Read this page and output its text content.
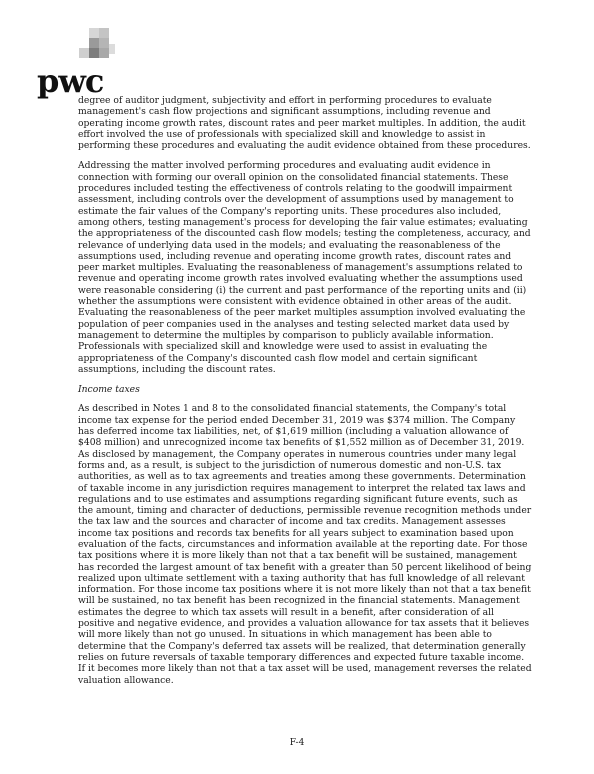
pwc

degree of auditor judgment, subjectivity and effort in performing procedures to evaluate management's cash flow projections and significant assumptions, including revenue and operating income growth rates, discount rates and peer market multiples. In addition, the audit effort involved the use of professionals with specialized skill and knowledge to assist in performing these procedures and evaluating the audit evidence obtained from these procedures.

Addressing the matter involved performing procedures and evaluating audit evidence in connection with forming our overall opinion on the consolidated financial statements. These procedures included testing the effectiveness of controls relating to the goodwill impairment assessment, including controls over the development of assumptions used by management to estimate the fair values of the Company's reporting units. These procedures also included, among others, testing management's process for developing the fair value estimates; evaluating the appropriateness of the discounted cash flow models; testing the completeness, accuracy, and relevance of underlying data used in the models; and evaluating the reasonableness of the assumptions used, including revenue and operating income growth rates, discount rates and peer market multiples. Evaluating the reasonableness of management's assumptions related to revenue and operating income growth rates involved evaluating whether the assumptions used were reasonable considering (i) the current and past performance of the reporting units and (ii) whether the assumptions were consistent with evidence obtained in other areas of the audit. Evaluating the reasonableness of the peer market multiples assumption involved evaluating the population of peer companies used in the analyses and testing selected market data used by management to determine the multiples by comparison to publicly available information. Professionals with specialized skill and knowledge were used to assist in evaluating the appropriateness of the Company's discounted cash flow model and certain significant assumptions, including the discount rates.

Income taxes

As described in Notes 1 and 8 to the consolidated financial statements, the Company's total income tax expense for the period ended December 31, 2019 was $374 million. The Company has deferred income tax liabilities, net, of $1,619 million (including a valuation allowance of $408 million) and unrecognized income tax benefits of $1,552 million as of December 31, 2019. As disclosed by management, the Company operates in numerous countries under many legal forms and, as a result, is subject to the jurisdiction of numerous domestic and non-U.S. tax authorities, as well as to tax agreements and treaties among these governments. Determination of taxable income in any jurisdiction requires management to interpret the related tax laws and regulations and to use estimates and assumptions regarding significant future events, such as the amount, timing and character of deductions, permissible revenue recognition methods under the tax law and the sources and character of income and tax credits. Management assesses income tax positions and records tax benefits for all years subject to examination based upon evaluation of the facts, circumstances and information available at the reporting date. For those tax positions where it is more likely than not that a tax benefit will be sustained, management has recorded the largest amount of tax benefit with a greater than 50 percent likelihood of being realized upon ultimate settlement with a taxing authority that has full knowledge of all relevant information. For those income tax positions where it is not more likely than not that a tax benefit will be sustained, no tax benefit has been recognized in the financial statements. Management estimates the degree to which tax assets will result in a benefit, after consideration of all positive and negative evidence, and provides a valuation allowance for tax assets that it believes will more likely than not go unused. In situations in which management has been able to determine that the Company's deferred tax assets will be realized, that determination generally relies on future reversals of taxable temporary differences and expected future taxable income. If it becomes more likely than not that a tax asset will be used, management reverses the related valuation allowance.

F-4
